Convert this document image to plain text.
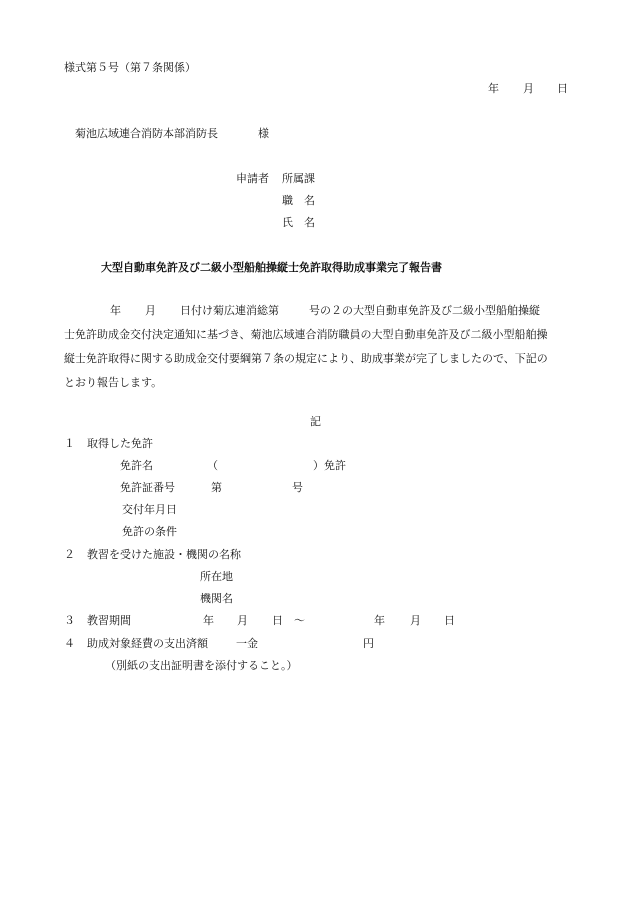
様式第５号（第７条関係）
年 月 日
菊池広域連合消防本部消防長	様
申請者 所属課
職　名
氏　名
大型自動車免許及び二級小型船舶操縦士免許取得助成事業完了報告書
年 月 日付け菊広連消総第	号の２の大型自動車免許及び二級小型船舶操縦
士免許助成金交付決定通知に基づき、菊池広域連合消防職員の大型自動車免許及び二級小型船舶操
縦士免許取得に関する助成金交付要綱第７条の規定により、助成事業が完了しましたので、下記の
とおり報告します。
記
１ 取得した免許
免許名	（	）免許
免許証番号	第	号
交付年月日
免許の条件
２ 教習を受けた施設・機関の名称
所在地
機関名
３ 教習期間	年 月 日 ～	年 月 日
４ 助成対象経費の支出済額	一金	円
（別紙の支出証明書を添付すること。）
